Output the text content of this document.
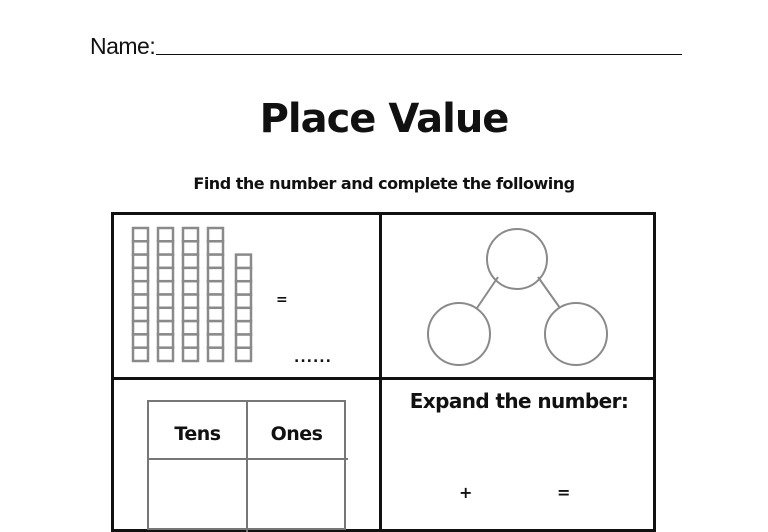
Name:
Place Value
Find the number and complete the following
=
......
Tens	Ones
Expand the number:
+	=
